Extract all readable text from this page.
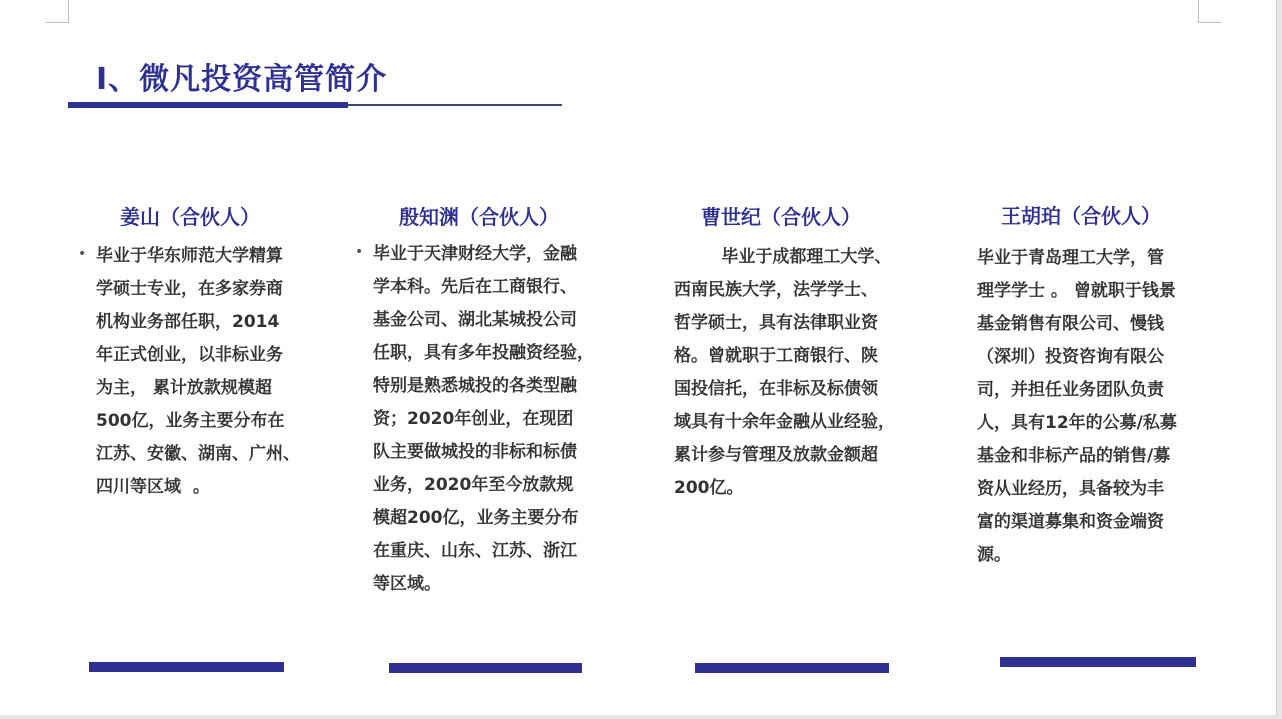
Ⅰ、微凡投资高管简介
姜山（合伙人）
• 毕业于华东师范大学精算
学硕士专业，在多家券商
机构业务部任职，2014
年正式创业，以非标业务
为主， 累计放款规模超
500亿，业务主要分布在
江苏、安徽、湖南、广州、
四川等区域  。

殷知渊（合伙人）
• 毕业于天津财经大学，金融
学本科。先后在工商银行、
基金公司、湖北某城投公司
任职，具有多年投融资经验，
特别是熟悉城投的各类型融
资；2020年创业，在现团
队主要做城投的非标和标债
业务，2020年至今放款规
模超200亿，业务主要分布
在重庆、山东、江苏、浙江
等区域。

曹世纪（合伙人）

毕业于成都理工大学、
西南民族大学，法学学士、
哲学硕士，具有法律职业资
格。曾就职于工商银行、陕
国投信托，在非标及标债领
域具有十余年金融从业经验，
累计参与管理及放款金额超
200亿。

王胡珀（合伙人）

毕业于青岛理工大学，管
理学学士 。 曾就职于钱景
基金销售有限公司、慢钱
（深圳）投资咨询有限公
司，并担任业务团队负责
人，具有12年的公募/私募
基金和非标产品的销售/募
资从业经历，具备较为丰
富的渠道募集和资金端资
源。
